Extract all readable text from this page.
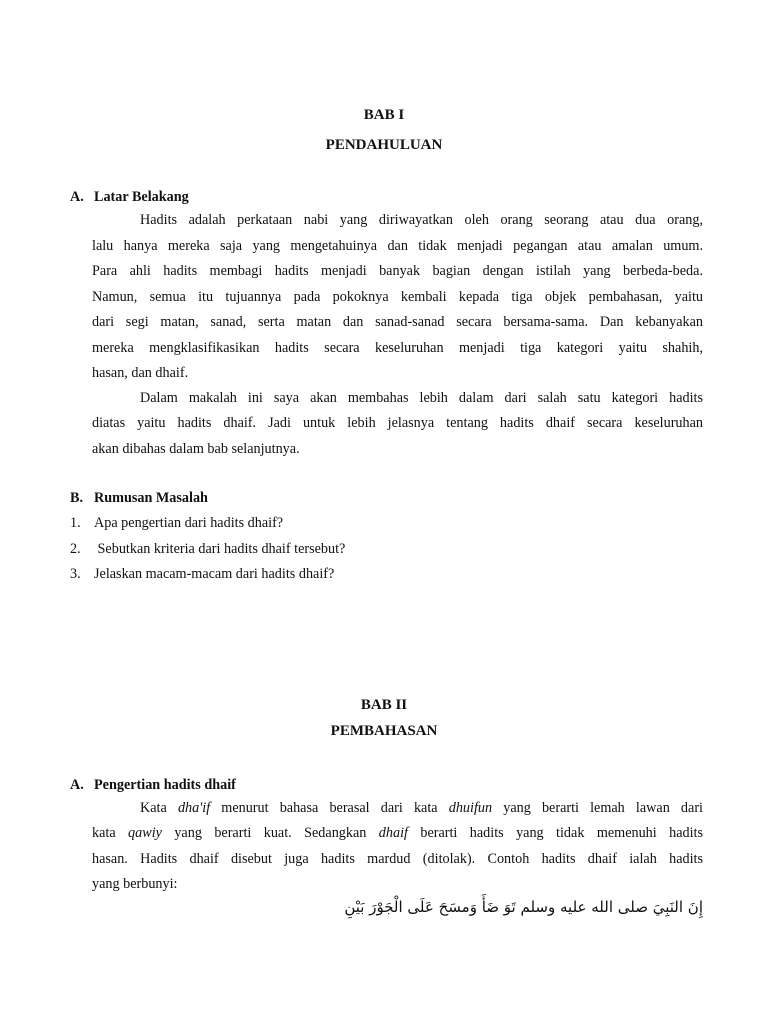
BAB I
PENDAHULUAN
A. Latar Belakang
Hadits adalah perkataan nabi yang diriwayatkan oleh orang seorang atau dua orang,
lalu hanya mereka saja yang mengetahuinya dan tidak menjadi pegangan atau amalan umum.
Para ahli hadits membagi hadits menjadi banyak bagian dengan istilah yang berbeda-beda.
Namun, semua itu tujuannya pada pokoknya kembali kepada tiga objek pembahasan, yaitu
dari segi matan, sanad, serta matan dan sanad-sanad secara bersama-sama. Dan kebanyakan
mereka mengklasifikasikan hadits secara keseluruhan menjadi tiga kategori yaitu shahih,
hasan, dan dhaif.
Dalam makalah ini saya akan membahas lebih dalam dari salah satu kategori hadits
diatas yaitu hadits dhaif. Jadi untuk lebih jelasnya tentang hadits dhaif secara keseluruhan
akan dibahas dalam bab selanjutnya.
B. Rumusan Masalah
1. Apa pengertian dari hadits dhaif?
2. Sebutkan kriteria dari hadits dhaif tersebut?
3. Jelaskan macam-macam dari hadits dhaif?
BAB II
PEMBAHASAN
A. Pengertian hadits dhaif
Kata dha'if menurut bahasa berasal dari kata dhuifun yang berarti lemah lawan dari
kata qawiy yang berarti kuat. Sedangkan dhaif berarti hadits yang tidak memenuhi hadits
hasan. Hadits dhaif disebut juga hadits mardud (ditolak). Contoh hadits dhaif ialah hadits
yang berbunyi:
إِنَ النَبِيَ صلى الله عليه وسلم تَوَ ضَأَ وَمسَحَ عَلَى الْجَوْرَ بَيْنِ
